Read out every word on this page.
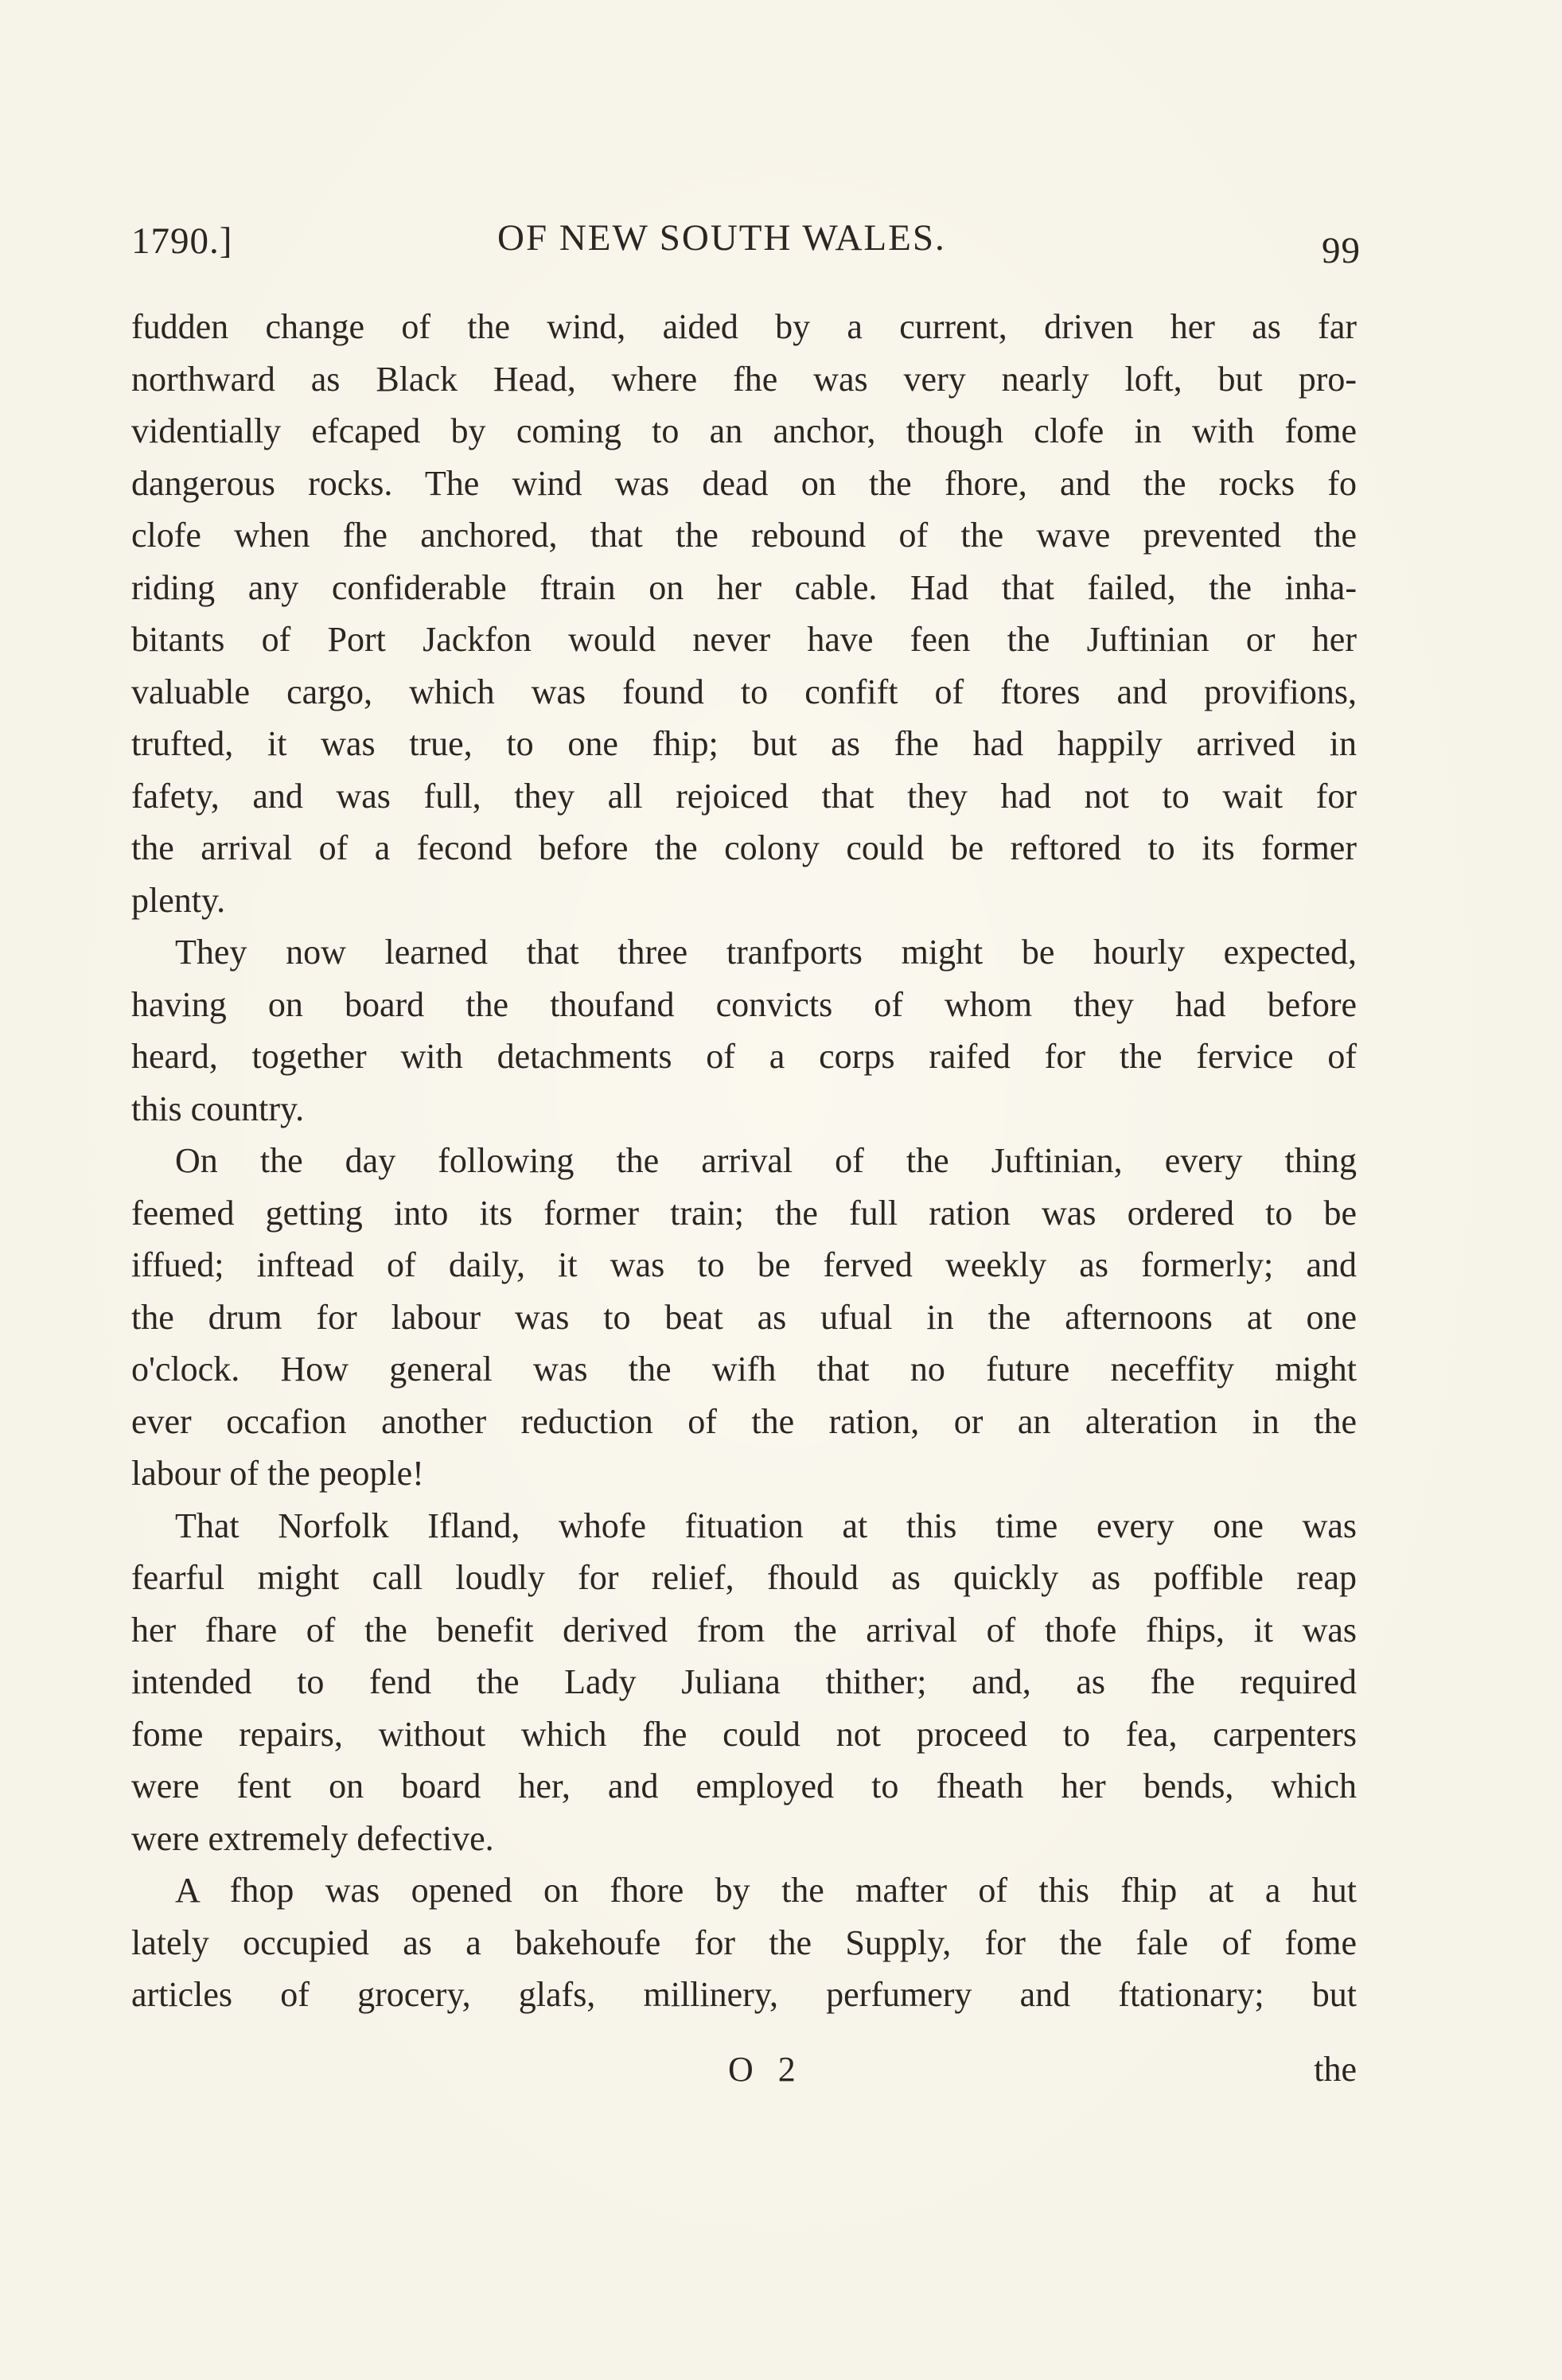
1790.]	OF NEW SOUTH WALES.	99
fudden change of the wind, aided by a current, driven her as far
northward as Black Head, where fhe was very nearly loft, but pro-
videntially efcaped by coming to an anchor, though clofe in with fome
dangerous rocks. The wind was dead on the fhore, and the rocks fo
clofe when fhe anchored, that the rebound of the wave prevented the
riding any confiderable ftrain on her cable. Had that failed, the inha-
bitants of Port Jackfon would never have feen the Juftinian or her
valuable cargo, which was found to confift of ftores and provifions,
trufted, it was true, to one fhip; but as fhe had happily arrived in
fafety, and was full, they all rejoiced that they had not to wait for
the arrival of a fecond before the colony could be reftored to its former
plenty.
They now learned that three tranfports might be hourly expected,
having on board the thoufand convicts of whom they had before
heard, together with detachments of a corps raifed for the fervice of
this country.
On the day following the arrival of the Juftinian, every thing
feemed getting into its former train; the full ration was ordered to be
iffued; inftead of daily, it was to be ferved weekly as formerly; and
the drum for labour was to beat as ufual in the afternoons at one
o'clock. How general was the wifh that no future neceffity might
ever occafion another reduction of the ration, or an alteration in the
labour of the people!
That Norfolk Ifland, whofe fituation at this time every one was
fearful might call loudly for relief, fhould as quickly as poffible reap
her fhare of the benefit derived from the arrival of thofe fhips, it was
intended to fend the Lady Juliana thither; and, as fhe required
fome repairs, without which fhe could not proceed to fea, carpenters
were fent on board her, and employed to fheath her bends, which
were extremely defective.
A fhop was opened on fhore by the mafter of this fhip at a hut
lately occupied as a bakehoufe for the Supply, for the fale of fome
articles of grocery, glafs, millinery, perfumery and ftationary; but
O 2	the
